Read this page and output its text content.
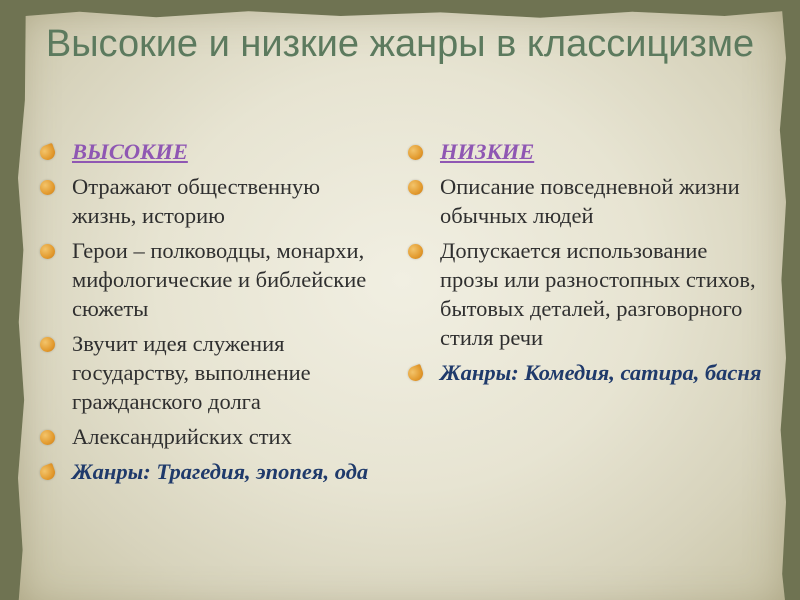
Высокие и низкие жанры в классицизме
ВЫСОКИЕ
Отражают общественную жизнь, историю
Герои – полководцы, монархи, мифологические и библейские сюжеты
Звучит идея служения государству, выполнение гражданского долга
Александрийских стих
Жанры: Трагедия, эпопея, ода
НИЗКИЕ
Описание повседневной жизни обычных людей
Допускается использование прозы или разностопных стихов, бытовых деталей, разговорного стиля речи
Жанры: Комедия, сатира, басня
